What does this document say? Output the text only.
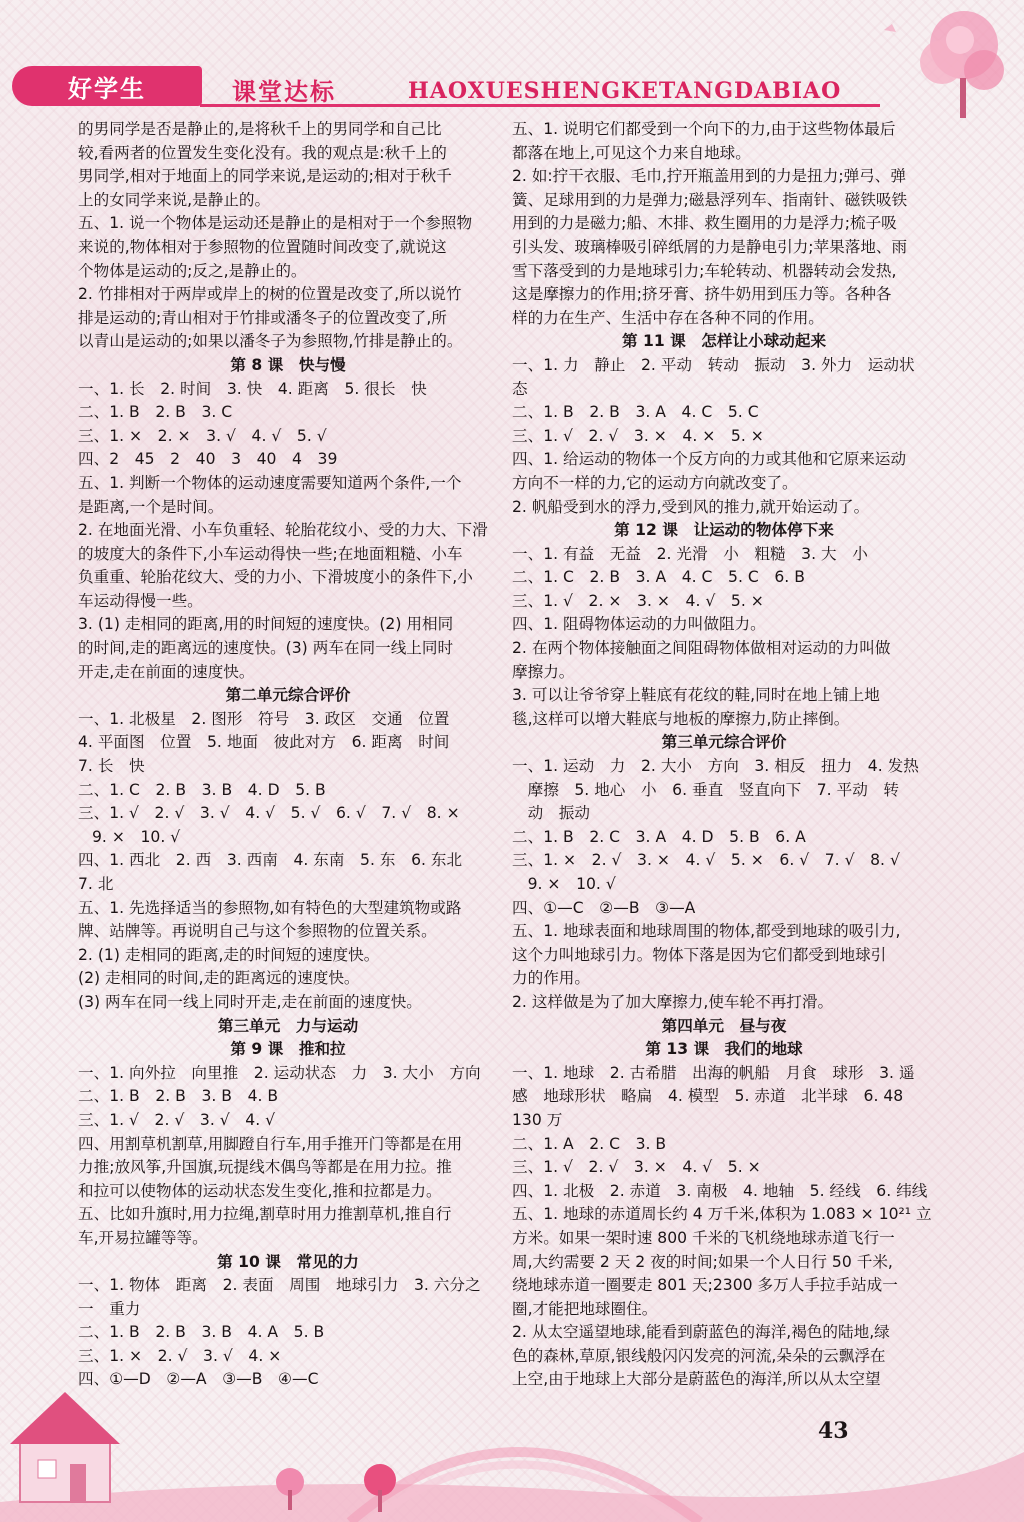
好学生	课堂达标	HAOXUESHENGKETANGDABIAO

的男同学是否是静止的,是将秋千上的男同学和自己比

较,看两者的位置发生变化没有。我的观点是:秋千上的

男同学,相对于地面上的同学来说,是运动的;相对于秋千

上的女同学来说,是静止的。

五、1. 说一个物体是运动还是静止的是相对于一个参照物

来说的,物体相对于参照物的位置随时间改变了,就说这

个物体是运动的;反之,是静止的。

2. 竹排相对于两岸或岸上的树的位置是改变了,所以说竹

排是运动的;青山相对于竹排或潘冬子的位置改变了,所

以青山是运动的;如果以潘冬子为参照物,竹排是静止的。

第 8 课　快与慢

一、1. 长　2. 时间　3. 快　4. 距离　5. 很长　快

二、1. B　2. B　3. C

三、1. ×　2. ×　3. √　4. √　5. √

四、2　45　2　40　3　40　4　39

五、1. 判断一个物体的运动速度需要知道两个条件,一个

是距离,一个是时间。

2. 在地面光滑、小车负重轻、轮胎花纹小、受的力大、下滑

的坡度大的条件下,小车运动得快一些;在地面粗糙、小车

负重重、轮胎花纹大、受的力小、下滑坡度小的条件下,小

车运动得慢一些。

3. (1) 走相同的距离,用的时间短的速度快。(2) 用相同

的时间,走的距离远的速度快。(3) 两车在同一线上同时

开走,走在前面的速度快。

第二单元综合评价

一、1. 北极星　2. 图形　符号　3. 政区　交通　位置

4. 平面图　位置　5. 地面　彼此对方　6. 距离　时间

7. 长　快

二、1. C　2. B　3. B　4. D　5. B

三、1. √　2. √　3. √　4. √　5. √　6. √　7. √　8. ×

9. ×　10. √

四、1. 西北　2. 西　3. 西南　4. 东南　5. 东　6. 东北

7. 北

五、1. 先选择适当的参照物,如有特色的大型建筑物或路

牌、站牌等。再说明自己与这个参照物的位置关系。

2. (1) 走相同的距离,走的时间短的速度快。

(2) 走相同的时间,走的距离远的速度快。

(3) 两车在同一线上同时开走,走在前面的速度快。

第三单元　力与运动

第 9 课　推和拉

一、1. 向外拉　向里推　2. 运动状态　力　3. 大小　方向

二、1. B　2. B　3. B　4. B

三、1. √　2. √　3. √　4. √

四、用割草机割草,用脚蹬自行车,用手推开门等都是在用

力推;放风筝,升国旗,玩提线木偶鸟等都是在用力拉。推

和拉可以使物体的运动状态发生变化,推和拉都是力。

五、比如升旗时,用力拉绳,割草时用力推割草机,推自行

车,开易拉罐等等。

第 10 课　常见的力

一、1. 物体　距离　2. 表面　周围　地球引力　3. 六分之

一　重力

二、1. B　2. B　3. B　4. A　5. B

三、1. ×　2. √　3. √　4. ×

四、①—D　②—A　③—B　④—C

五、1. 说明它们都受到一个向下的力,由于这些物体最后

都落在地上,可见这个力来自地球。

2. 如:拧干衣服、毛巾,拧开瓶盖用到的力是扭力;弹弓、弹

簧、足球用到的力是弹力;磁悬浮列车、指南针、磁铁吸铁

用到的力是磁力;船、木排、救生圈用的力是浮力;梳子吸

引头发、玻璃棒吸引碎纸屑的力是静电引力;苹果落地、雨

雪下落受到的力是地球引力;车轮转动、机器转动会发热,

这是摩擦力的作用;挤牙膏、挤牛奶用到压力等。各种各

样的力在生产、生活中存在各种不同的作用。

第 11 课　怎样让小球动起来

一、1. 力　静止　2. 平动　转动　振动　3. 外力　运动状

态

二、1. B　2. B　3. A　4. C　5. C

三、1. √　2. √　3. ×　4. ×　5. ×

四、1. 给运动的物体一个反方向的力或其他和它原来运动

方向不一样的力,它的运动方向就改变了。

2. 帆船受到水的浮力,受到风的推力,就开始运动了。

第 12 课　让运动的物体停下来

一、1. 有益　无益　2. 光滑　小　粗糙　3. 大　小

二、1. C　2. B　3. A　4. C　5. C　6. B

三、1. √　2. ×　3. ×　4. √　5. ×

四、1. 阻碍物体运动的力叫做阻力。

2. 在两个物体接触面之间阻碍物体做相对运动的力叫做

摩擦力。

3. 可以让爷爷穿上鞋底有花纹的鞋,同时在地上铺上地

毯,这样可以增大鞋底与地板的摩擦力,防止摔倒。

第三单元综合评价

一、1. 运动　力　2. 大小　方向　3. 相反　扭力　4. 发热

　摩擦　5. 地心　小　6. 垂直　竖直向下　7. 平动　转

　动　振动

二、1. B　2. C　3. A　4. D　5. B　6. A

三、1. ×　2. √　3. ×　4. √　5. ×　6. √　7. √　8. √

　9. ×　10. √

四、①—C　②—B　③—A

五、1. 地球表面和地球周围的物体,都受到地球的吸引力,

这个力叫地球引力。物体下落是因为它们都受到地球引

力的作用。

2. 这样做是为了加大摩擦力,使车轮不再打滑。

第四单元　昼与夜

第 13 课　我们的地球

一、1. 地球　2. 古希腊　出海的帆船　月食　球形　3. 遥

感　地球形状　略扁　4. 模型　5. 赤道　北半球　6. 48

130 万

二、1. A　2. C　3. B

三、1. √　2. √　3. ×　4. √　5. ×

四、1. 北极　2. 赤道　3. 南极　4. 地轴　5. 经线　6. 纬线

五、1. 地球的赤道周长约 4 万千米,体积为 1.083 × 10²¹ 立

方米。如果一架时速 800 千米的飞机绕地球赤道飞行一

周,大约需要 2 天 2 夜的时间;如果一个人日行 50 千米,

绕地球赤道一圈要走 801 天;2300 多万人手拉手站成一

圈,才能把地球圈住。

2. 从太空遥望地球,能看到蔚蓝色的海洋,褐色的陆地,绿

色的森林,草原,银线般闪闪发亮的河流,朵朵的云飘浮在

上空,由于地球上大部分是蔚蓝色的海洋,所以从太空望

43
